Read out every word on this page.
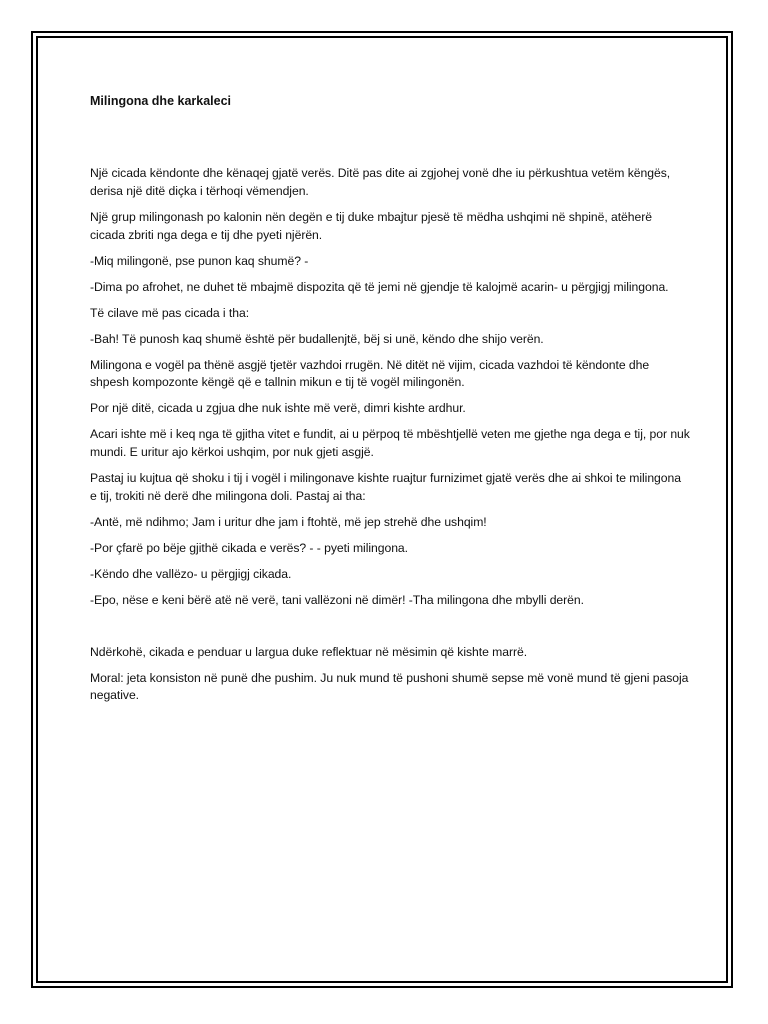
Milingona dhe karkaleci

Një cicada këndonte dhe kënaqej gjatë verës. Ditë pas dite ai zgjohej vonë dhe iu përkushtua vetëm këngës, derisa një ditë diçka i tërhoqi vëmendjen.

Një grup milingonash po kalonin nën degën e tij duke mbajtur pjesë të mëdha ushqimi në shpinë, atëherë cicada zbriti nga dega e tij dhe pyeti njërën.

-Miq milingonë, pse punon kaq shumë? -

-Dima po afrohet, ne duhet të mbajmë dispozita që të jemi në gjendje të kalojmë acarin- u përgjigj milingona.

Të cilave më pas cicada i tha:

-Bah! Të punosh kaq shumë është për budallenjtë, bëj si unë, këndo dhe shijo verën.

Milingona e vogël pa thënë asgjë tjetër vazhdoi rrugën. Në ditët në vijim, cicada vazhdoi të këndonte dhe shpesh kompozonte këngë që e tallnin mikun e tij të vogël milingonën.

Por një ditë, cicada u zgjua dhe nuk ishte më verë, dimri kishte ardhur.

Acari ishte më i keq nga të gjitha vitet e fundit, ai u përpoq të mbështjellë veten me gjethe nga dega e tij, por nuk mundi. E uritur ajo kërkoi ushqim, por nuk gjeti asgjë.

Pastaj iu kujtua që shoku i tij i vogël i milingonave kishte ruajtur furnizimet gjatë verës dhe ai shkoi te milingona e tij, trokiti në derë dhe milingona doli. Pastaj ai tha:

-Antë, më ndihmo; Jam i uritur dhe jam i ftohtë, më jep strehë dhe ushqim!

-Por çfarë po bëje gjithë cikada e verës? - - pyeti milingona.

-Këndo dhe vallëzo- u përgjigj cikada.

-Epo, nëse e keni bërë atë në verë, tani vallëzoni në dimër! -Tha milingona dhe mbylli derën.

Ndërkohë, cikada e penduar u largua duke reflektuar në mësimin që kishte marrë.

Moral: jeta konsiston në punë dhe pushim. Ju nuk mund të pushoni shumë sepse më vonë mund të gjeni pasoja negative.
